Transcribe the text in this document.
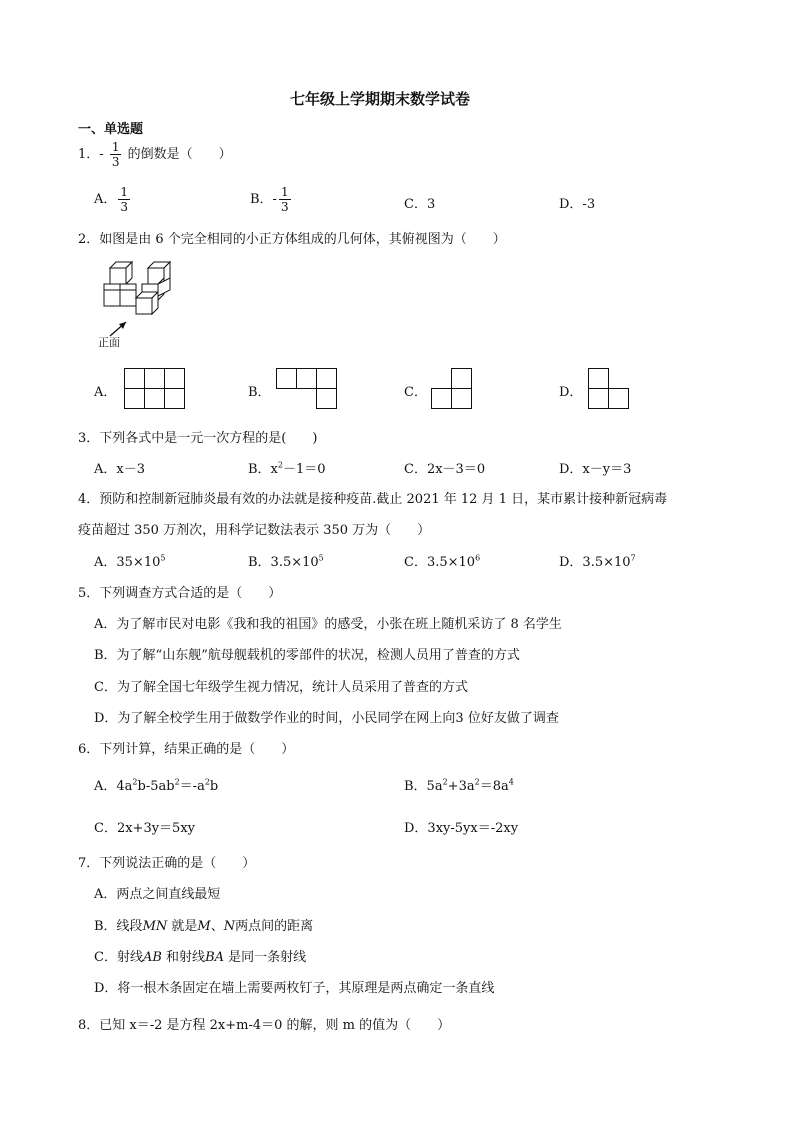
七年级上学期期末数学试卷
一、单选题
1．- $\frac{1}{3}$ 的倒数是（　　）
A． $\frac{1}{3}$	B．- $\frac{1}{3}$	C．3	D．-3
2．如图是由 6 个完全相同的小正方体组成的几何体，其俯视图为（　　）
正面
A．	B．	C．	D．
3．下列各式中是一元一次方程的是(　　)
A．x－3	B．$x^2-1=0$	C．2x－3＝0	D．x－y＝3
4．预防和控制新冠肺炎最有效的办法就是接种疫苗.截止 2021 年 12 月 1 日，某市累计接种新冠病毒
疫苗超过 350 万剂次，用科学记数法表示 350 万为（　　）
A．$35\times 10^5$	B．$3.5\times 10^5$	C．$3.5\times 10^6$	D．$3.5\times 10^7$
5．下列调查方式合适的是（　　）
A．为了解市民对电影《我和我的祖国》的感受，小张在班上随机采访了 8 名学生
B．为了解“山东舰”航母舰载机的零部件的状况，检测人员用了普查的方式
C．为了解全国七年级学生视力情况，统计人员采用了普查的方式
D．为了解全校学生用于做数学作业的时间，小民同学在网上向3 位好友做了调查
6．下列计算，结果正确的是（　　）
A．$4a^2b-5ab^2=-a^2b$	B．$5a^2+3a^2=8a^4$
C．2x+3y＝5xy	D．3xy-5yx＝-2xy
7．下列说法正确的是（　　）
A．两点之间直线最短
B．线段MN 就是M、N两点间的距离
C．射线AB 和射线BA 是同一条射线
D．将一根木条固定在墙上需要两枚钉子，其原理是两点确定一条直线
8．已知 x＝-2 是方程 2x+m-4＝0 的解，则 m 的值为（　　）
